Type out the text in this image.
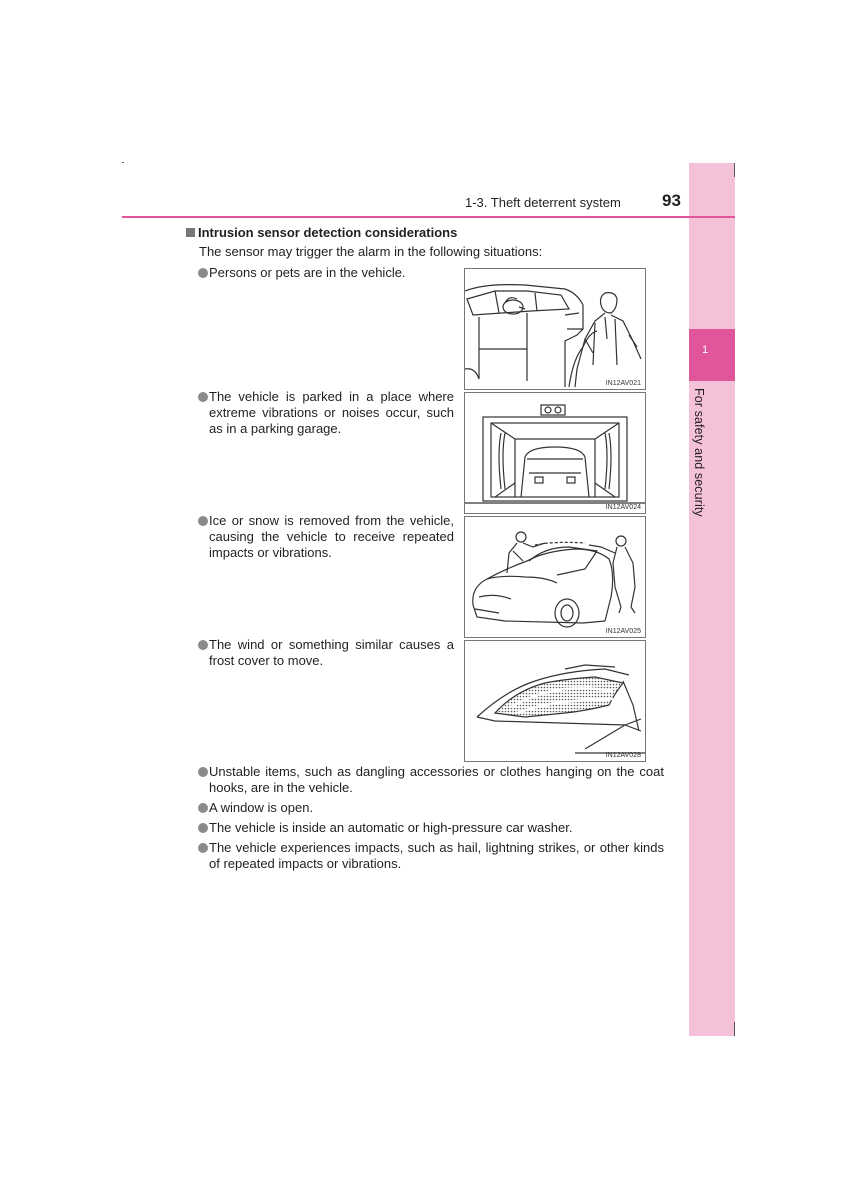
1
For safety and security
1-3. Theft deterrent system 93
Intrusion sensor detection considerations
The sensor may trigger the alarm in the following situations:
Persons or pets are in the vehicle.
The vehicle is parked in a place where extreme vibrations or noises occur, such as in a parking garage.
Ice or snow is removed from the vehicle, causing the vehicle to receive repeated impacts or vibrations.
The wind or something similar causes a frost cover to move.
IN12AV021
IN12AV024
IN12AV025
IN12AV028
Unstable items, such as dangling accessories or clothes hanging on the coat hooks, are in the vehicle.
A window is open.
The vehicle is inside an automatic or high-pressure car washer.
The vehicle experiences impacts, such as hail, lightning strikes, or other kinds of repeated impacts or vibrations.
